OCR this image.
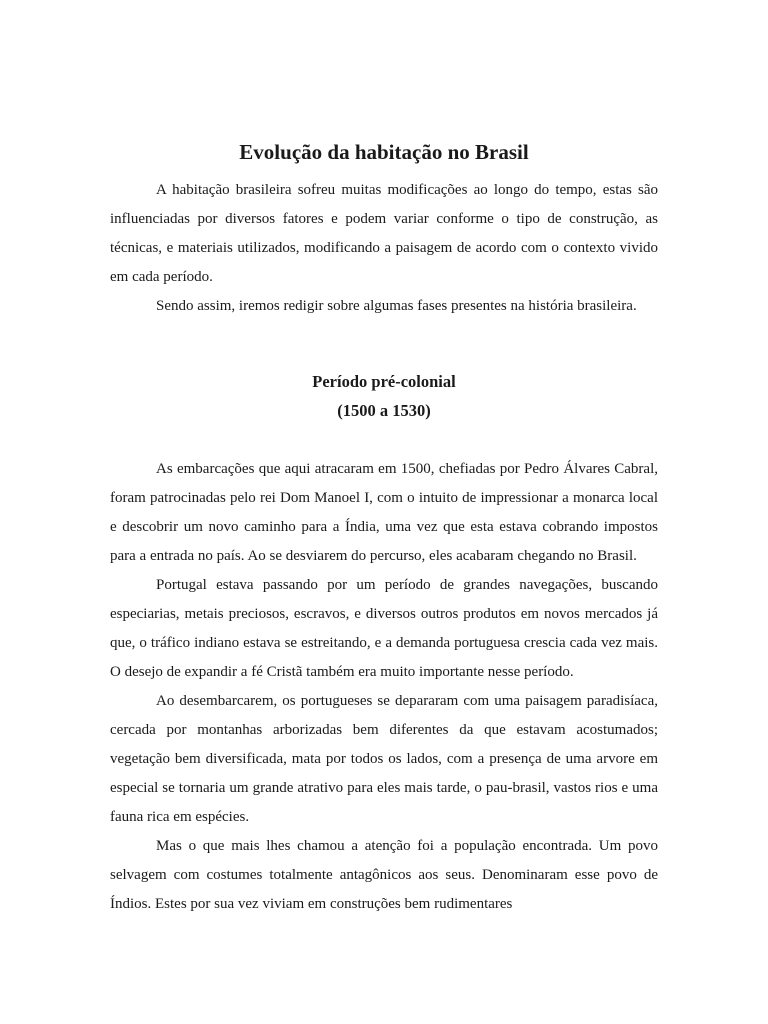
Evolução da habitação no Brasil

A habitação brasileira sofreu muitas modificações ao longo do tempo, estas são influenciadas por diversos fatores e podem variar conforme o tipo de construção, as técnicas, e materiais utilizados, modificando a paisagem de acordo com o contexto vivido em cada período.

Sendo assim, iremos redigir sobre algumas fases presentes na história brasileira.

Período pré-colonial
(1500 a 1530)

As embarcações que aqui atracaram em 1500, chefiadas por Pedro Álvares Cabral, foram patrocinadas pelo rei Dom Manoel I, com o intuito de impressionar a monarca local e descobrir um novo caminho para a Índia, uma vez que esta estava cobrando impostos para a entrada no país. Ao se desviarem do percurso, eles acabaram chegando no Brasil.

Portugal estava passando por um período de grandes navegações, buscando especiarias, metais preciosos, escravos, e diversos outros produtos em novos mercados já que, o tráfico indiano estava se estreitando, e a demanda portuguesa crescia cada vez mais. O desejo de expandir a fé Cristã também era muito importante nesse período.

Ao desembarcarem, os portugueses se depararam com uma paisagem paradisíaca, cercada por montanhas arborizadas bem diferentes da que estavam acostumados; vegetação bem diversificada, mata por todos os lados, com a presença de uma arvore em especial se tornaria um grande atrativo para eles mais tarde, o pau-brasil, vastos rios e uma fauna rica em espécies.

Mas o que mais lhes chamou a atenção foi a população encontrada. Um povo selvagem com costumes totalmente antagônicos aos seus. Denominaram esse povo de Índios. Estes por sua vez viviam em construções bem rudimentares
